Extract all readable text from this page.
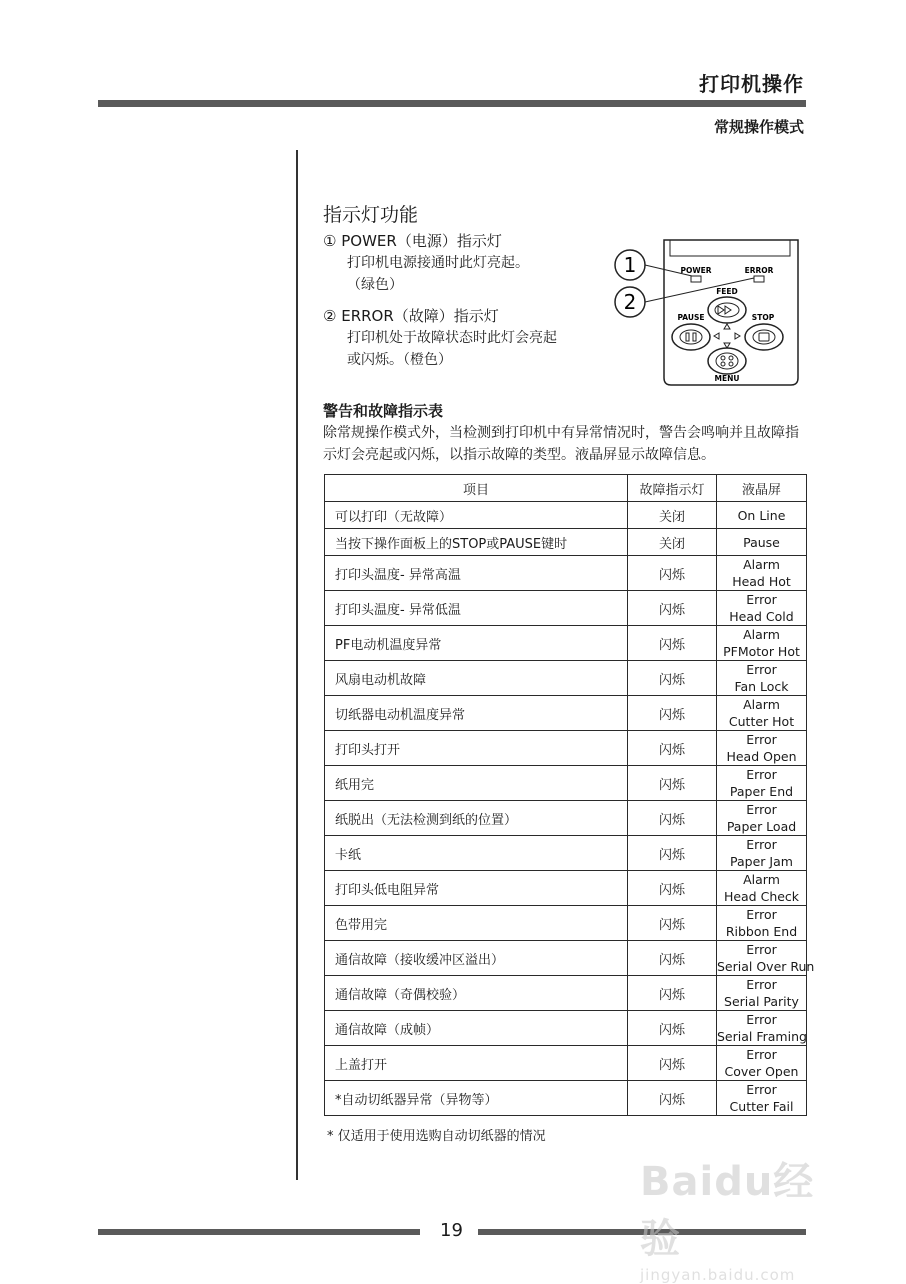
打印机操作
常规操作模式
指示灯功能
① POWER（电源）指示灯
打印机电源接通时此灯亮起。
（绿色）
② ERROR（故障）指示灯
打印机处于故障状态时此灯会亮起
或闪烁。（橙色）
1
2
POWER	ERROR
FEED
PAUSE	STOP
MENU
警告和故障指示表
除常规操作模式外，当检测到打印机中有异常情况时，警告会鸣响并且故障指示灯会亮起或闪烁，以指示故障的类型。液晶屏显示故障信息。
项目	故障指示灯	液晶屏
可以打印（无故障）	关闭	On Line

当按下操作面板上的STOP或PAUSE键时	关闭	Pause

打印头温度- 异常高温	闪烁	Alarm
Head Hot

打印头温度- 异常低温	闪烁	Error
Head Cold

PF电动机温度异常	闪烁	Alarm
PFMotor Hot

风扇电动机故障	闪烁	Error
Fan Lock

切纸器电动机温度异常	闪烁	Alarm
Cutter Hot

打印头打开	闪烁	Error
Head Open

纸用完	闪烁	Error
Paper End

纸脱出（无法检测到纸的位置）	闪烁	Error
Paper Load

卡纸	闪烁	Error
Paper Jam

打印头低电阻异常	闪烁	Alarm
Head Check

色带用完	闪烁	Error
Ribbon End

通信故障（接收缓冲区溢出）	闪烁	Error
Serial Over Run

通信故障（奇偶校验）	闪烁	Error
Serial Parity

通信故障（成帧）	闪烁	Error
Serial Framing

上盖打开	闪烁	Error
Cover Open

*自动切纸器异常（异物等）	闪烁	Error
Cutter Fail
* 仅适用于使用选购自动切纸器的情况
19
Baidu经验
jingyan.baidu.com
